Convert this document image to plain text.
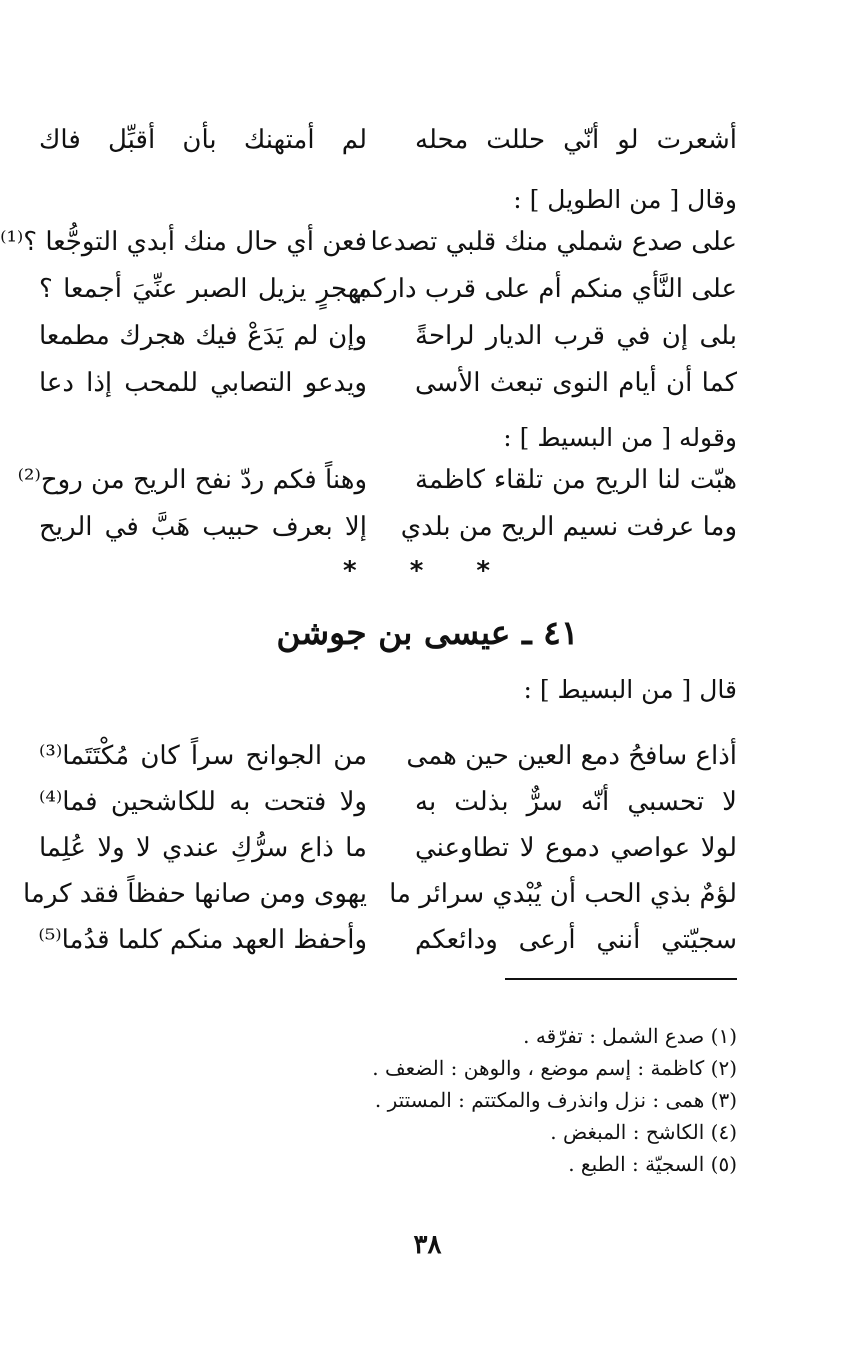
أشعرت لو أنّي حللت محله
لم أمتهنك بأن أقبِّل فاك
وقال [ من الطويل ] :
على صدع شملي منك قلبي تصدعا
فعن أي حال منك أبدي التوجُّعا ؟⁽¹⁾
على النَّأي منكم أم على قرب داركم
بهجرٍ يزيل الصبر عنِّيَ أجمعا ؟
بلى إن في قرب الديار لراحةً
وإن لم يَدَعْ فيك هجرك مطمعا
كما أن أيام النوى تبعث الأسى
ويدعو التصابي للمحب إذا دعا
وقوله [ من البسيط ] :
هبّت لنا الريح من تلقاء كاظمة
وهناً فكم ردّ نفح الريح من روح⁽²⁾
وما عرفت نسيم الريح من بلدي
إلا بعرف حبيب هَبَّ في الريح
* * *
٤١ ـ عيسى بن جوشن
قال [ من البسيط ] :
أذاع سافحُ دمع العين حين همى
من الجوانح سراً كان مُكْتَتَما⁽³⁾
لا تحسبي أنّه سرٌّ بذلت به
ولا فتحت به للكاشحين فما⁽⁴⁾
لولا عواصي دموع لا تطاوعني
ما ذاع سرُّكِ عندي لا ولا عُلِما
لؤمٌ بذي الحب أن يُبْدي سرائر ما
يهوى ومن صانها حفظاً فقد كرما
سجيّتي أنني أرعى ودائعكم
وأحفظ العهد منكم كلما قدُما⁽⁵⁾
(١) صدع الشمل : تفرّقه .
(٢) كاظمة : إسم موضع ، والوهن : الضعف .
(٣) همى : نزل وانذرف والمكتتم : المستتر .
(٤) الكاشح : المبغض .
(٥) السجيّة : الطبع .
٣٨
